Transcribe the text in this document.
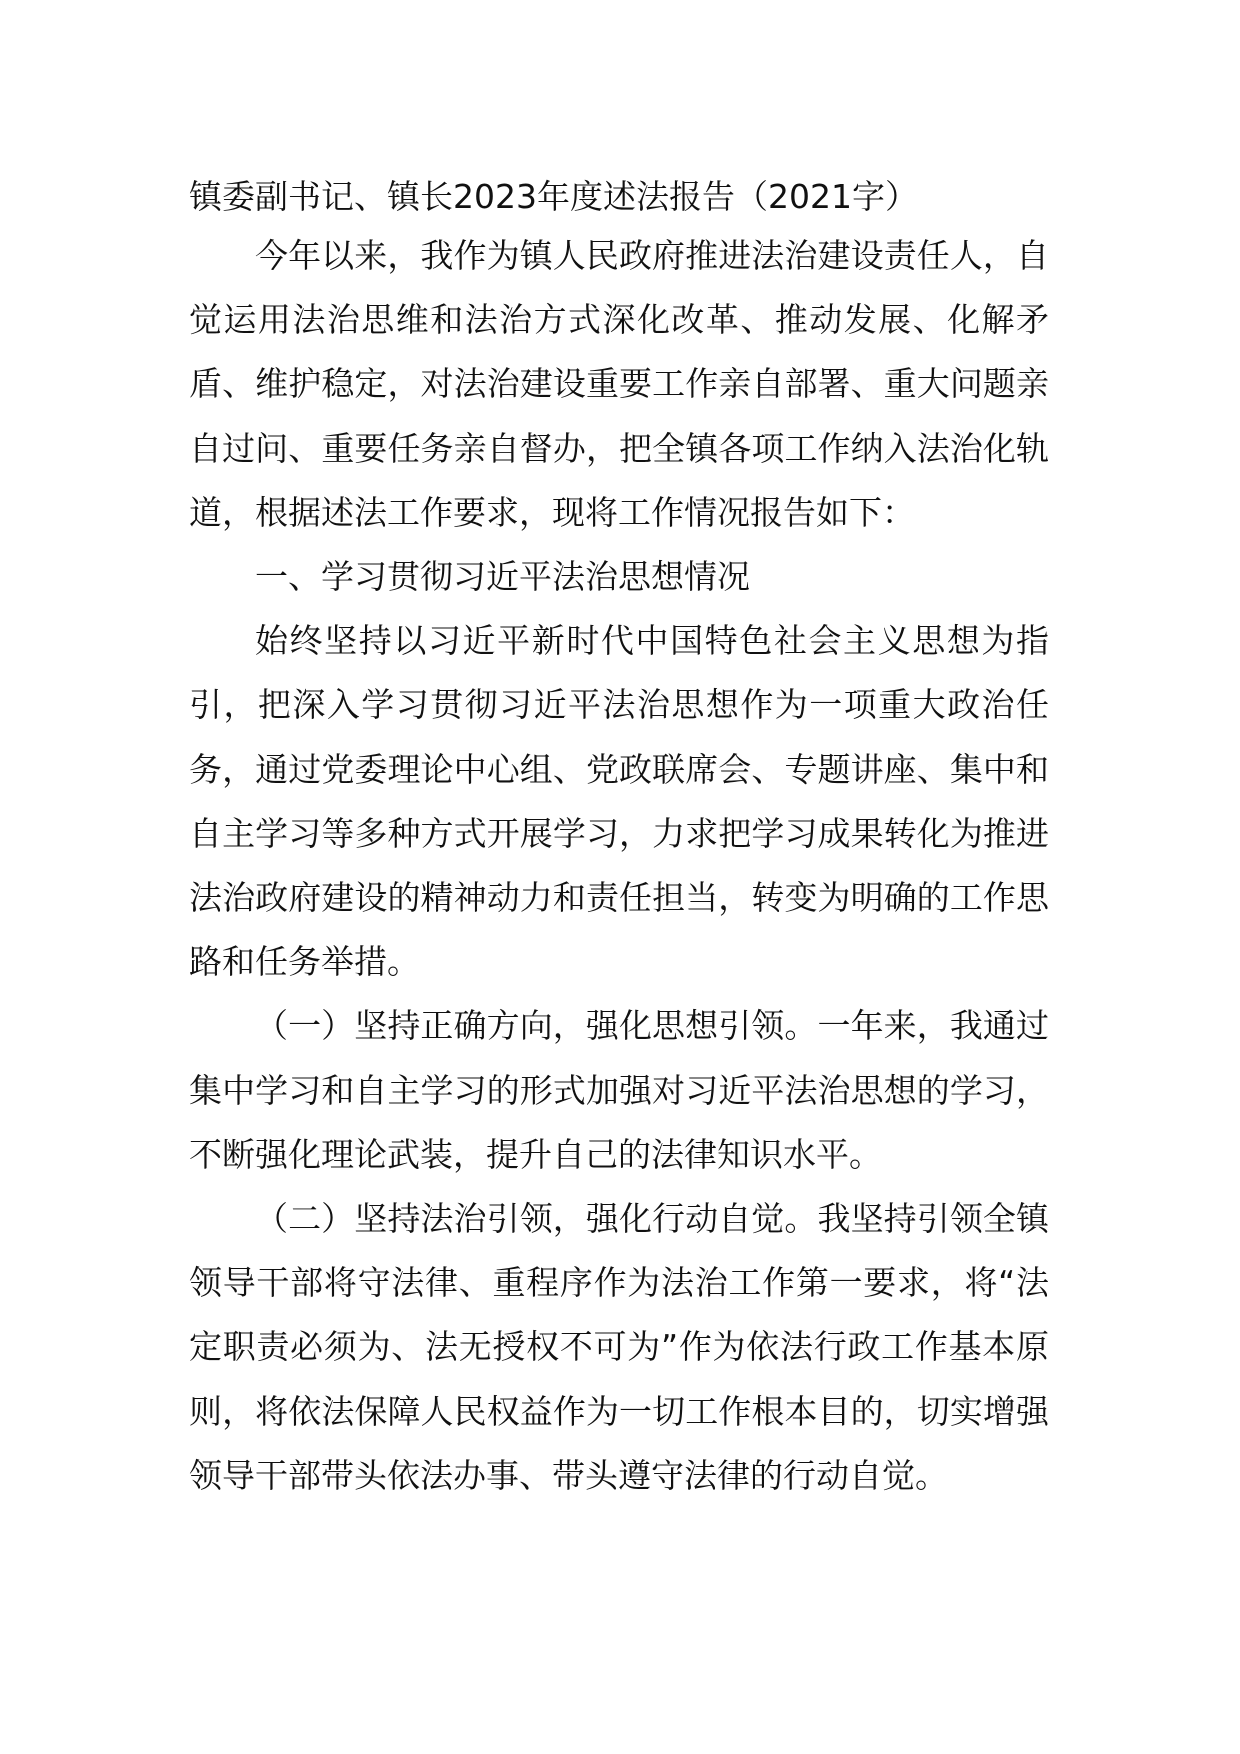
镇委副书记、镇长2023年度述法报告（2021字）

今年以来，我作为镇人民政府推进法治建设责任人，自觉运用法治思维和法治方式深化改革、推动发展、化解矛盾、维护稳定，对法治建设重要工作亲自部署、重大问题亲自过问、重要任务亲自督办，把全镇各项工作纳入法治化轨道，根据述法工作要求，现将工作情况报告如下：

一、学习贯彻习近平法治思想情况

始终坚持以习近平新时代中国特色社会主义思想为指引，把深入学习贯彻习近平法治思想作为一项重大政治任务，通过党委理论中心组、党政联席会、专题讲座、集中和自主学习等多种方式开展学习，力求把学习成果转化为推进法治政府建设的精神动力和责任担当，转变为明确的工作思路和任务举措。

（一）坚持正确方向，强化思想引领。一年来，我通过集中学习和自主学习的形式加强对习近平法治思想的学习，不断强化理论武装，提升自己的法律知识水平。

（二）坚持法治引领，强化行动自觉。我坚持引领全镇领导干部将守法律、重程序作为法治工作第一要求，将“法定职责必须为、法无授权不可为”作为依法行政工作基本原则，将依法保障人民权益作为一切工作根本目的，切实增强领导干部带头依法办事、带头遵守法律的行动自觉。
